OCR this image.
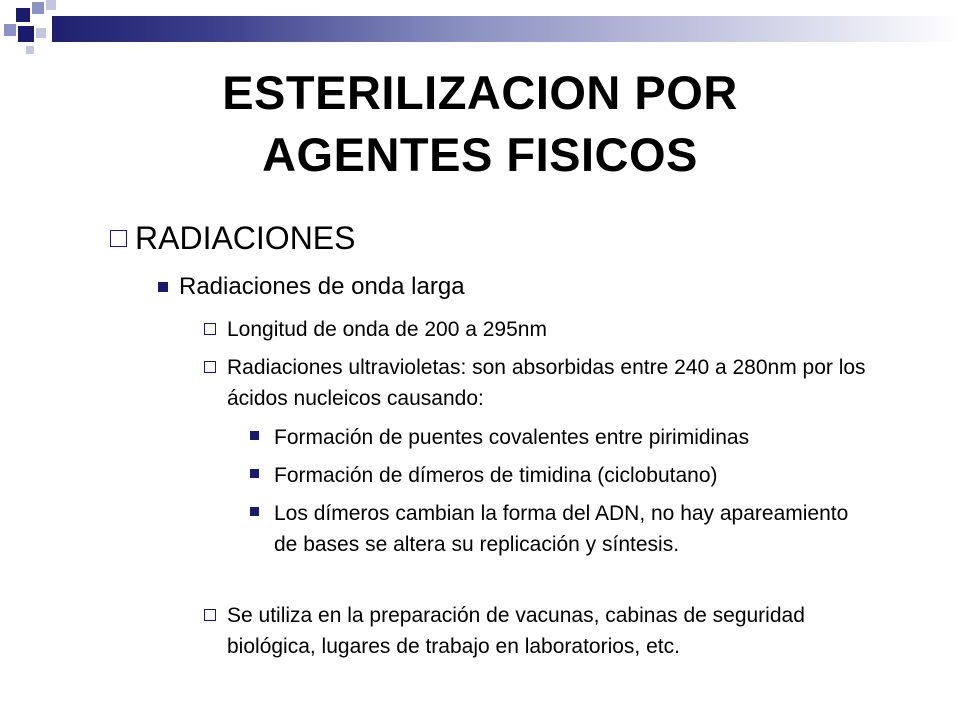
ESTERILIZACION POR
AGENTES FISICOS
RADIACIONES
Radiaciones de onda larga
Longitud de onda de 200 a 295nm
Radiaciones ultravioletas: son absorbidas entre 240 a 280nm por los ácidos nucleicos causando:
Formación de puentes covalentes entre pirimidinas
Formación de dímeros de timidina (ciclobutano)
Los dímeros cambian la forma del ADN, no hay apareamiento de bases se altera su replicación y síntesis.
Se utiliza en la preparación de vacunas, cabinas de seguridad biológica, lugares de trabajo en laboratorios, etc.
